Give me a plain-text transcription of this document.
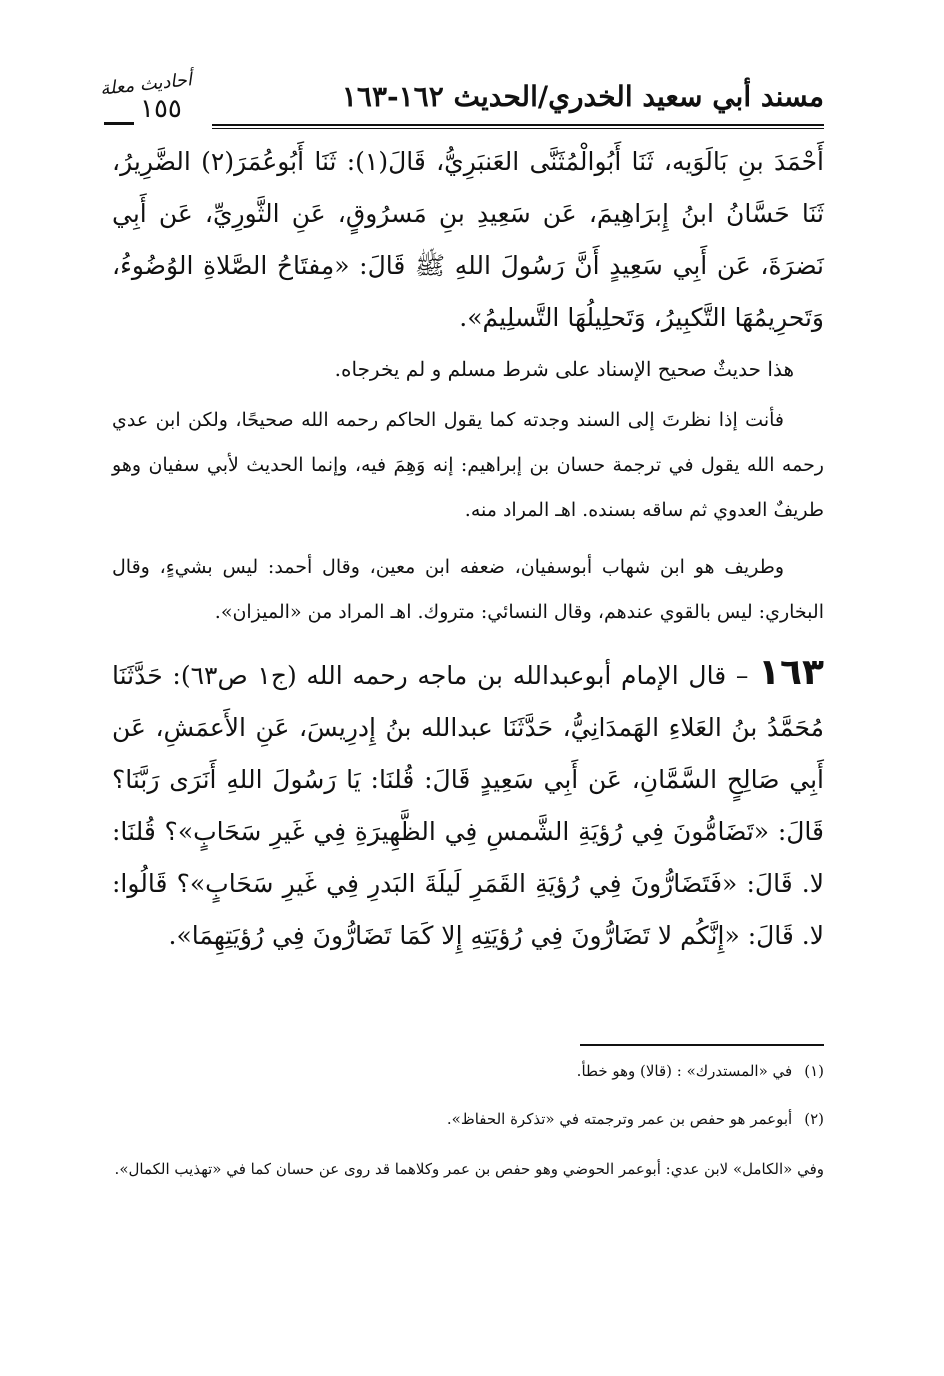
مسند أبي سعيد الخدري/الحديث ١٦٢-١٦٣
أحاديث معلة
١٥٥

أَحْمَدَ بنِ بَالَوَيه، ثَنَا أَبُوالْمُثَنَّى العَنبَرِيُّ، قَالَ(١): ثَنَا أَبُوعُمَرَ(٢) الضَّرِيرُ، ثَنَا حَسَّانُ ابنُ إِبرَاهِيمَ، عَن سَعِيدِ بنِ مَسرُوقٍ، عَنِ الثَّورِيِّ، عَن أَبِي نَضرَةَ، عَن أَبِي سَعِيدٍ أَنَّ رَسُولَ اللهِ ﷺ قَالَ: «مِفتَاحُ الصَّلاةِ الوُضُوءُ، وَتَحرِيمُهَا التَّكبِيرُ، وَتَحلِيلُهَا التَّسلِيمُ».

هذا حديثٌ صحيح الإسناد على شرط مسلم و لم يخرجاه.

فأنت إذا نظرتَ إلى السند وجدته كما يقول الحاكم رحمه الله صحيحًا، ولكن ابن عدي رحمه الله يقول في ترجمة حسان بن إبراهيم: إنه وَهِمَ فيه، وإنما الحديث لأبي سفيان وهو طريفٌ العدوي ثم ساقه بسنده. اهـ المراد منه.

وطريف هو ابن شهاب أبوسفيان، ضعفه ابن معين، وقال أحمد: ليس بشيءٍ، وقال البخاري: ليس بالقوي عندهم، وقال النسائي: متروك. اهـ المراد من «الميزان».

١٦٣ – قال الإمام أبوعبدالله بن ماجه رحمه الله (ج١ ص٦٣): حَدَّثَنَا مُحَمَّدُ بنُ العَلاءِ الهَمدَانِيُّ، حَدَّثَنَا عبدالله بنُ إِدرِيسَ، عَنِ الأَعمَشِ، عَن أَبِي صَالِحٍ السَّمَّانِ، عَن أَبِي سَعِيدٍ قَالَ: قُلنَا: يَا رَسُولَ اللهِ أَنَرَى رَبَّنَا؟ قَالَ: «تَضَامُّونَ فِي رُؤيَةِ الشَّمسِ فِي الظَّهِيرَةِ فِي غَيرِ سَحَابٍ»؟ قُلنَا: لا. قَالَ: «فَتَضَارُّونَ فِي رُؤيَةِ القَمَرِ لَيلَةَ البَدرِ فِي غَيرِ سَحَابٍ»؟ قَالُوا: لا. قَالَ: «إِنَّكُم لا تَضَارُّونَ فِي رُؤيَتِهِ إِلا كَمَا تَضَارُّونَ فِي رُؤيَتِهِمَا».

(١)في «المستدرك» : (قالا) وهو خطأ.

(٢)أبوعمر هو حفص بن عمر وترجمته في «تذكرة الحفاظ».

وفي «الكامل» لابن عدي: أبوعمر الحوضي وهو حفص بن عمر وكلاهما قد روى عن حسان كما في «تهذيب الكمال».
